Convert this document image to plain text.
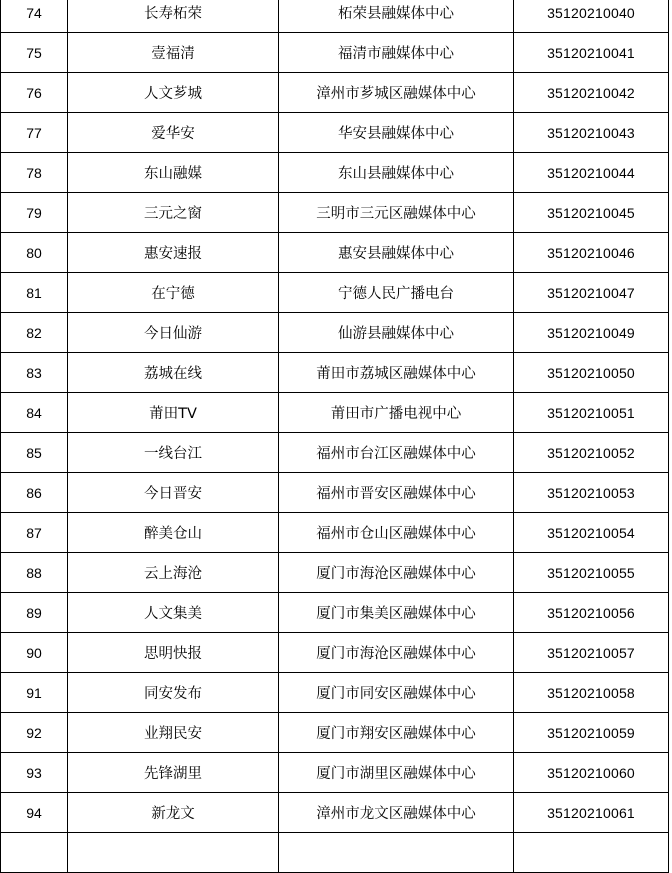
74	长寿柘荣	柘荣县融媒体中心	35120210040
75	壹福清	福清市融媒体中心	35120210041
76	人文芗城	漳州市芗城区融媒体中心	35120210042
77	爱华安	华安县融媒体中心	35120210043
78	东山融媒	东山县融媒体中心	35120210044
79	三元之窗	三明市三元区融媒体中心	35120210045
80	惠安速报	惠安县融媒体中心	35120210046
81	在宁德	宁德人民广播电台	35120210047
82	今日仙游	仙游县融媒体中心	35120210049
83	荔城在线	莆田市荔城区融媒体中心	35120210050
84	莆田TV	莆田市广播电视中心	35120210051
85	一线台江	福州市台江区融媒体中心	35120210052
86	今日晋安	福州市晋安区融媒体中心	35120210053
87	醉美仓山	福州市仓山区融媒体中心	35120210054
88	云上海沧	厦门市海沧区融媒体中心	35120210055
89	人文集美	厦门市集美区融媒体中心	35120210056
90	思明快报	厦门市海沧区融媒体中心	35120210057
91	同安发布	厦门市同安区融媒体中心	35120210058
92	业翔民安	厦门市翔安区融媒体中心	35120210059
93	先锋湖里	厦门市湖里区融媒体中心	35120210060
94	新龙文	漳州市龙文区融媒体中心	35120210061
